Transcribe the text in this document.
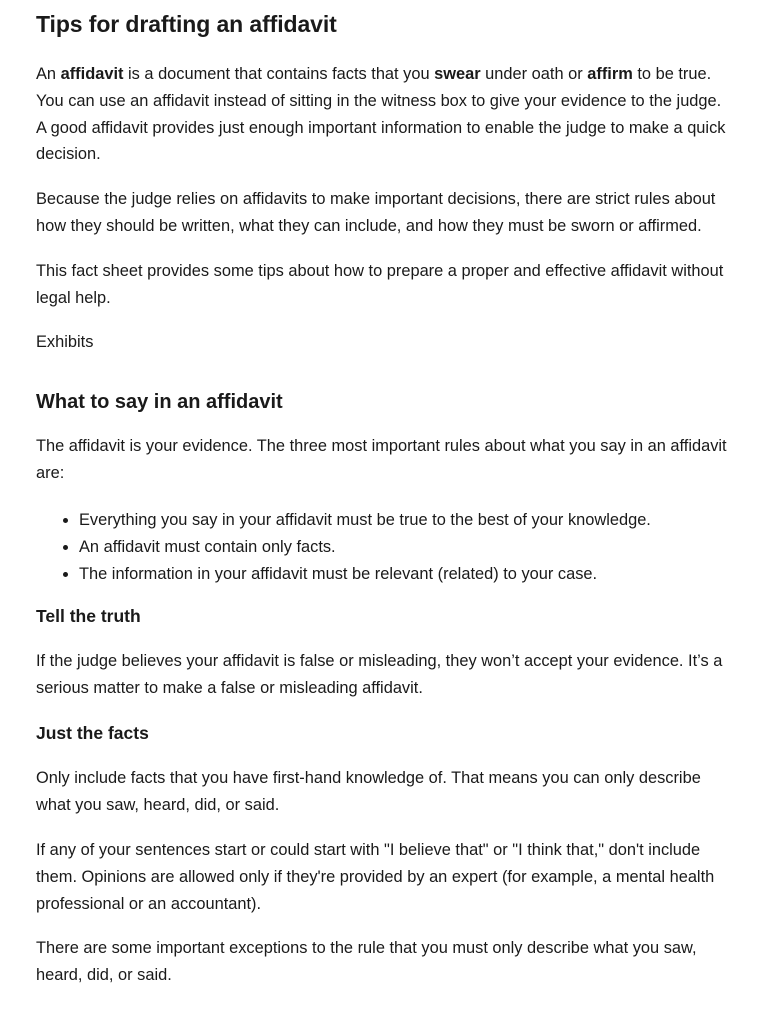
Tips for drafting an affidavit

An affidavit is a document that contains facts that you swear under oath or affirm to be true. You can use an affidavit instead of sitting in the witness box to give your evidence to the judge. A good affidavit provides just enough important information to enable the judge to make a quick decision.

Because the judge relies on affidavits to make important decisions, there are strict rules about how they should be written, what they can include, and how they must be sworn or affirmed.

This fact sheet provides some tips about how to prepare a proper and effective affidavit without legal help.

Exhibits

What to say in an affidavit

The affidavit is your evidence. The three most important rules about what you say in an affidavit are:

• Everything you say in your affidavit must be true to the best of your knowledge.
• An affidavit must contain only facts.
• The information in your affidavit must be relevant (related) to your case.
Tell the truth

If the judge believes your affidavit is false or misleading, they won’t accept your evidence. It’s a serious matter to make a false or misleading affidavit.

Just the facts

Only include facts that you have first-hand knowledge of. That means you can only describe what you saw, heard, did, or said.

If any of your sentences start or could start with "I believe that" or "I think that," don't include them. Opinions are allowed only if they're provided by an expert (for example, a mental health professional or an accountant).

There are some important exceptions to the rule that you must only describe what you saw, heard, did, or said.
